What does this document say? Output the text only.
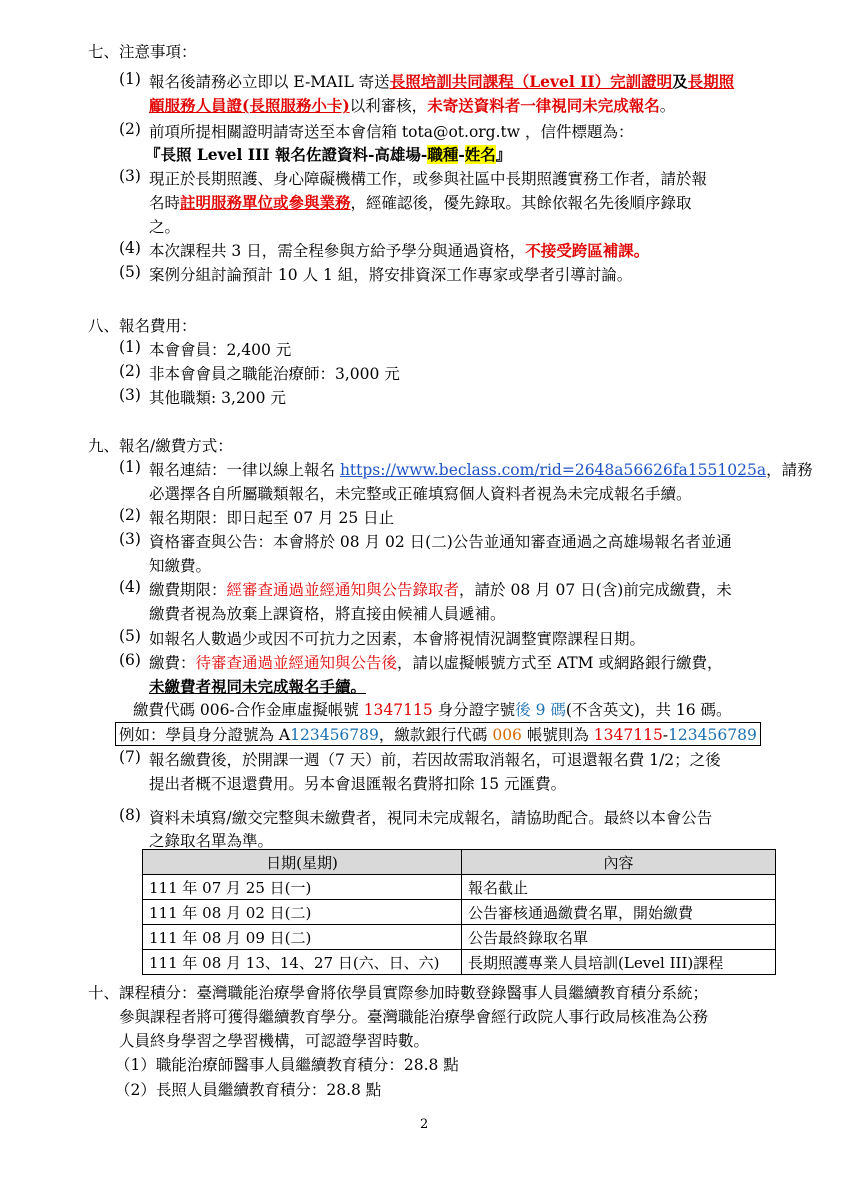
七、注意事項：
(1) 報名後請務必立即以 E-MAIL 寄送長照培訓共同課程（Level II）完訓證明及長期照
顧服務人員證(長照服務小卡)以利審核，未寄送資料者一律視同未完成報名。
(2) 前項所提相關證明請寄送至本會信箱 tota@ot.org.tw ，信件標題為：
『長照 Level III 報名佐證資料-高雄場-職種-姓名』
(3) 現正於長期照護、身心障礙機構工作，或參與社區中長期照護實務工作者，請於報
名時註明服務單位或參與業務，經確認後，優先錄取。其餘依報名先後順序錄取
之。
(4) 本次課程共 3 日，需全程參與方給予學分與通過資格，不接受跨區補課。
(5) 案例分組討論預計 10 人 1 組，將安排資深工作專家或學者引導討論。
八、報名費用：
(1) 本會會員：2,400 元
(2) 非本會會員之職能治療師：3,000 元
(3) 其他職類: 3,200 元
九、報名/繳費方式：
(1) 報名連結：一律以線上報名 https://www.beclass.com/rid=2648a56626fa1551025a，請務
必選擇各自所屬職類報名，未完整或正確填寫個人資料者視為未完成報名手續。
(2) 報名期限：即日起至 07 月 25 日止
(3) 資格審查與公告：本會將於 08 月 02 日(二)公告並通知審查通過之高雄場報名者並通
知繳費。
(4) 繳費期限：經審查通過並經通知與公告錄取者，請於 08 月 07 日(含)前完成繳費，未
繳費者視為放棄上課資格，將直接由候補人員遞補。
(5) 如報名人數過少或因不可抗力之因素，本會將視情況調整實際課程日期。
(6) 繳費：待審查通過並經通知與公告後，請以虛擬帳號方式至 ATM 或網路銀行繳費，
未繳費者視同未完成報名手續。
繳費代碼 006-合作金庫虛擬帳號 1347115 身分證字號後 9 碼(不含英文)，共 16 碼。
例如：學員身分證號為 A123456789，繳款銀行代碼 006 帳號則為 1347115-123456789
(7) 報名繳費後，於開課一週（7 天）前，若因故需取消報名，可退還報名費 1/2；之後
提出者概不退還費用。另本會退匯報名費將扣除 15 元匯費。
(8) 資料未填寫/繳交完整與未繳費者，視同未完成報名，請協助配合。最終以本會公告
之錄取名單為準。
日期(星期)	內容
111 年 07 月 25 日(一)	報名截止
111 年 08 月 02 日(二)	公告審核通過繳費名單，開始繳費
111 年 08 月 09 日(二)	公告最終錄取名單
111 年 08 月 13、14、27 日(六、日、六)	長期照護專業人員培訓(Level III)課程
十、課程積分：臺灣職能治療學會將依學員實際參加時數登錄醫事人員繼續教育積分系統；
參與課程者將可獲得繼續教育學分。臺灣職能治療學會經行政院人事行政局核准為公務
人員終身學習之學習機構，可認證學習時數。
（1）職能治療師醫事人員繼續教育積分：28.8 點
（2）長照人員繼續教育積分：28.8 點
2
